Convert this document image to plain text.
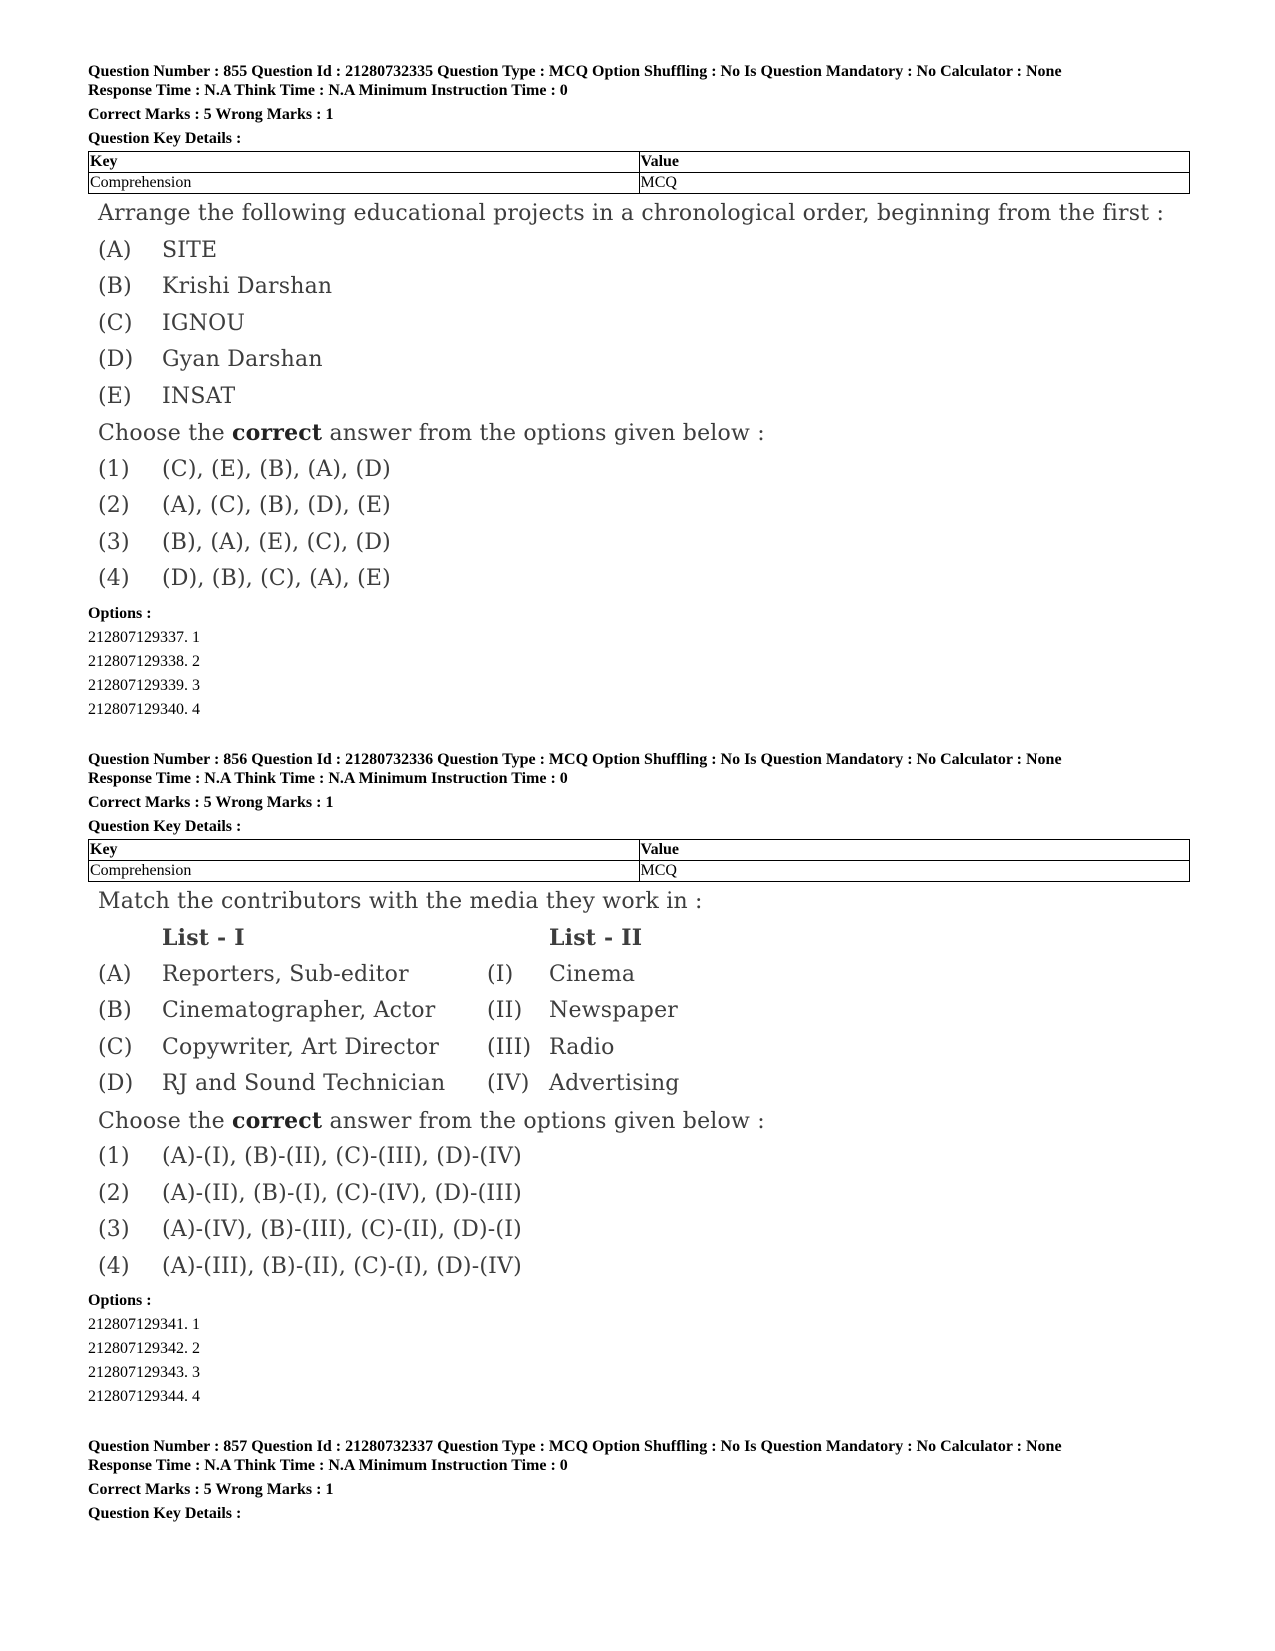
Question Number : 855 Question Id : 21280732335 Question Type : MCQ Option Shuffling : No Is Question Mandatory : No Calculator : None
Response Time : N.A Think Time : N.A Minimum Instruction Time : 0
Correct Marks : 5 Wrong Marks : 1
Question Key Details :
Key	Value
Comprehension	MCQ
Arrange the following educational projects in a chronological order, beginning from the first :
(A) SITE
(B) Krishi Darshan
(C) IGNOU
(D) Gyan Darshan
(E) INSAT
Choose the correct answer from the options given below :
(1) (C), (E), (B), (A), (D)
(2) (A), (C), (B), (D), (E)
(3) (B), (A), (E), (C), (D)
(4) (D), (B), (C), (A), (E)
Options :
212807129337. 1
212807129338. 2
212807129339. 3
212807129340. 4
Question Number : 856 Question Id : 21280732336 Question Type : MCQ Option Shuffling : No Is Question Mandatory : No Calculator : None
Response Time : N.A Think Time : N.A Minimum Instruction Time : 0
Correct Marks : 5 Wrong Marks : 1
Question Key Details :
Key	Value
Comprehension	MCQ
Match the contributors with the media they work in :
List - I	List - II
(A) Reporters, Sub-editor	(I) Cinema
(B) Cinematographer, Actor (II) Newspaper
(C) Copywriter, Art Director (III) Radio
(D) RJ and Sound Technician (IV) Advertising
Choose the correct answer from the options given below :
(1) (A)-(I), (B)-(II), (C)-(III), (D)-(IV)
(2) (A)-(II), (B)-(I), (C)-(IV), (D)-(III)
(3) (A)-(IV), (B)-(III), (C)-(II), (D)-(I)
(4) (A)-(III), (B)-(II), (C)-(I), (D)-(IV)
Options :
212807129341. 1
212807129342. 2
212807129343. 3
212807129344. 4
Question Number : 857 Question Id : 21280732337 Question Type : MCQ Option Shuffling : No Is Question Mandatory : No Calculator : None
Response Time : N.A Think Time : N.A Minimum Instruction Time : 0
Correct Marks : 5 Wrong Marks : 1
Question Key Details :
